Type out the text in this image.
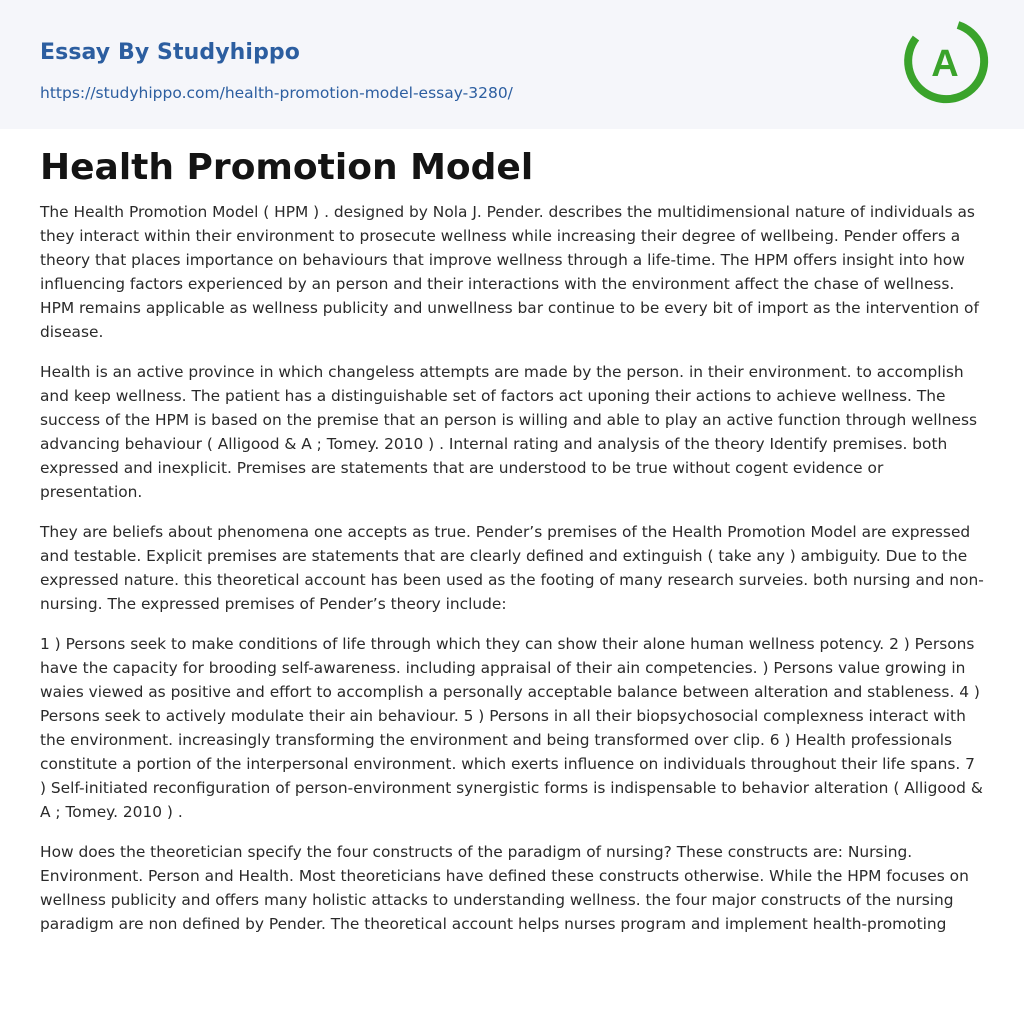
Essay By Studyhippo
https://studyhippo.com/health-promotion-model-essay-3280/
A
Health Promotion Model

The Health Promotion Model ( HPM ) . designed by Nola J. Pender. describes the multidimensional nature of individuals as they interact within their environment to prosecute wellness while increasing their degree of wellbeing. Pender offers a theory that places importance on behaviours that improve wellness through a life-time. The HPM offers insight into how influencing factors experienced by an person and their interactions with the environment affect the chase of wellness. HPM remains applicable as wellness publicity and unwellness bar continue to be every bit of import as the intervention of disease.

Health is an active province in which changeless attempts are made by the person. in their environment. to accomplish and keep wellness. The patient has a distinguishable set of factors act uponing their actions to achieve wellness. The success of the HPM is based on the premise that an person is willing and able to play an active function through wellness advancing behaviour ( Alligood & A ; Tomey. 2010 ) . Internal rating and analysis of the theory Identify premises. both expressed and inexplicit. Premises are statements that are understood to be true without cogent evidence or presentation.

They are beliefs about phenomena one accepts as true. Pender’s premises of the Health Promotion Model are expressed and testable. Explicit premises are statements that are clearly defined and extinguish ( take any ) ambiguity. Due to the expressed nature. this theoretical account has been used as the footing of many research surveies. both nursing and non-nursing. The expressed premises of Pender’s theory include:

1 ) Persons seek to make conditions of life through which they can show their alone human wellness potency. 2 ) Persons have the capacity for brooding self-awareness. including appraisal of their ain competencies. ) Persons value growing in waies viewed as positive and effort to accomplish a personally acceptable balance between alteration and stableness. 4 ) Persons seek to actively modulate their ain behaviour. 5 ) Persons in all their biopsychosocial complexness interact with the environment. increasingly transforming the environment and being transformed over clip. 6 ) Health professionals constitute a portion of the interpersonal environment. which exerts influence on individuals throughout their life spans. 7 ) Self-initiated reconfiguration of person-environment synergistic forms is indispensable to behavior alteration ( Alligood & A ; Tomey. 2010 ) .

How does the theoretician specify the four constructs of the paradigm of nursing? These constructs are: Nursing. Environment. Person and Health. Most theoreticians have defined these constructs otherwise. While the HPM focuses on wellness publicity and offers many holistic attacks to understanding wellness. the four major constructs of the nursing paradigm are non defined by Pender. The theoretical account helps nurses program and implement health-promoting
